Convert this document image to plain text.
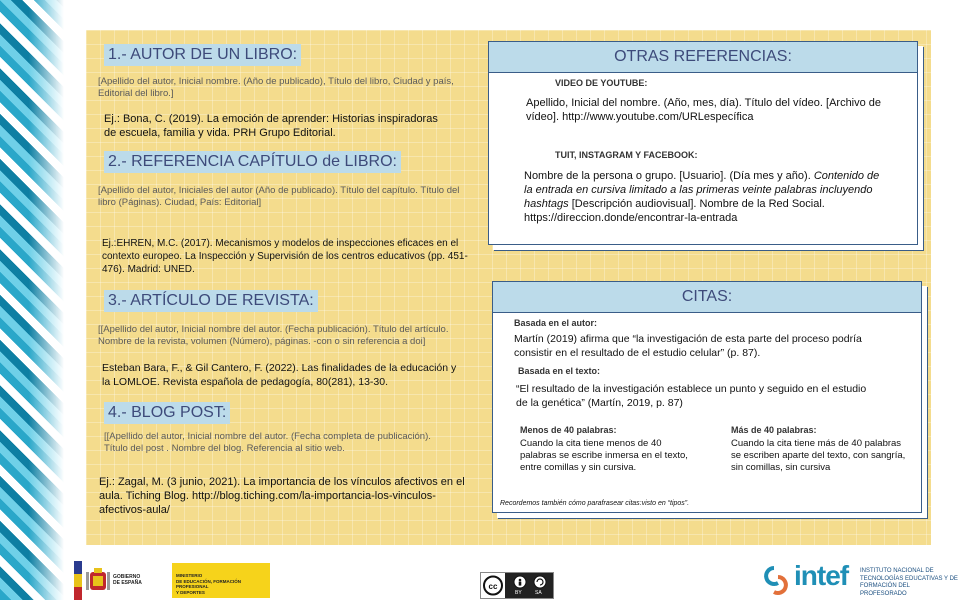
1.- AUTOR DE UN LIBRO:
[Apellido del autor, Inicial nombre. (Año de publicado), Título del libro, Ciudad y país, Editorial del libro.]
Ej.: Bona, C. (2019). La emoción de aprender: Historias inspiradoras de escuela, familia y vida. PRH Grupo Editorial.
2.- REFERENCIA CAPÍTULO de LIBRO:
[Apellido del autor, Iniciales del autor (Año de publicado). Título del capítulo. Título del libro (Páginas). Ciudad, País: Editorial]
Ej.:EHREN, M.C. (2017). Mecanismos y modelos de inspecciones eficaces en el contexto europeo. La Inspección y Supervisión de los centros educativos (pp. 451-476). Madrid: UNED.
3.- ARTÍCULO DE REVISTA:
[[Apellido del autor, Inicial nombre del autor. (Fecha publicación). Título del artículo. Nombre de la revista, volumen (Número), páginas. -con o sin referencia a doi]
Esteban Bara, F., & Gil Cantero, F. (2022). Las finalidades de la educación y la LOMLOE. Revista española de pedagogía, 80(281), 13-30.
4.- BLOG POST:
[[Apellido del autor, Inicial nombre del autor. (Fecha completa de publicación). Título del post . Nombre del blog. Referencia al sitio web.
Ej.: Zagal, M. (3 junio, 2021). La importancia de los vínculos afectivos en el aula. Tiching Blog. http://blog.tiching.com/la-importancia-los-vinculos-afectivos-aula/
OTRAS REFERENCIAS:
VIDEO DE YOUTUBE:
Apellido, Inicial del nombre. (Año, mes, día). Título del vídeo. [Archivo de vídeo]. http://www.youtube.com/URLespecífica
TUIT, INSTAGRAM Y FACEBOOK:
Nombre de la persona o grupo. [Usuario]. (Día mes y año). Contenido de la entrada en cursiva limitado a las primeras veinte palabras incluyendo hashtags [Descripción audiovisual]. Nombre de la Red Social. https://direccion.donde/encontrar-la-entrada
CITAS:
Basada en el autor:
Martín (2019) afirma que “la investigación de esta parte del proceso podría consistir en el resultado de el estudio celular” (p. 87).
Basada en el texto:
“El resultado de la investigación establece un punto y seguido en el estudio de la genética” (Martín, 2019, p. 87)
Menos de 40 palabras:
Cuando la cita tiene menos de 40 palabras se escribe inmersa en el texto, entre comillas y sin cursiva.
Más de 40 palabras:
Cuando la cita tiene más de 40 palabras se escriben aparte del texto, con sangría, sin comillas, sin cursiva
Recordemos también cómo parafrasear citas:visto en “tipos”.
GOBIERNO
DE ESPAÑA
MINISTERIO
DE EDUCACIÓN, FORMACIÓN PROFESIONAL
Y DEPORTES
cc
BY	SA
intef INSTITUTO NACIONAL DE
TECNOLOGÍAS EDUCATIVAS Y DE
FORMACIÓN DEL PROFESORADO
